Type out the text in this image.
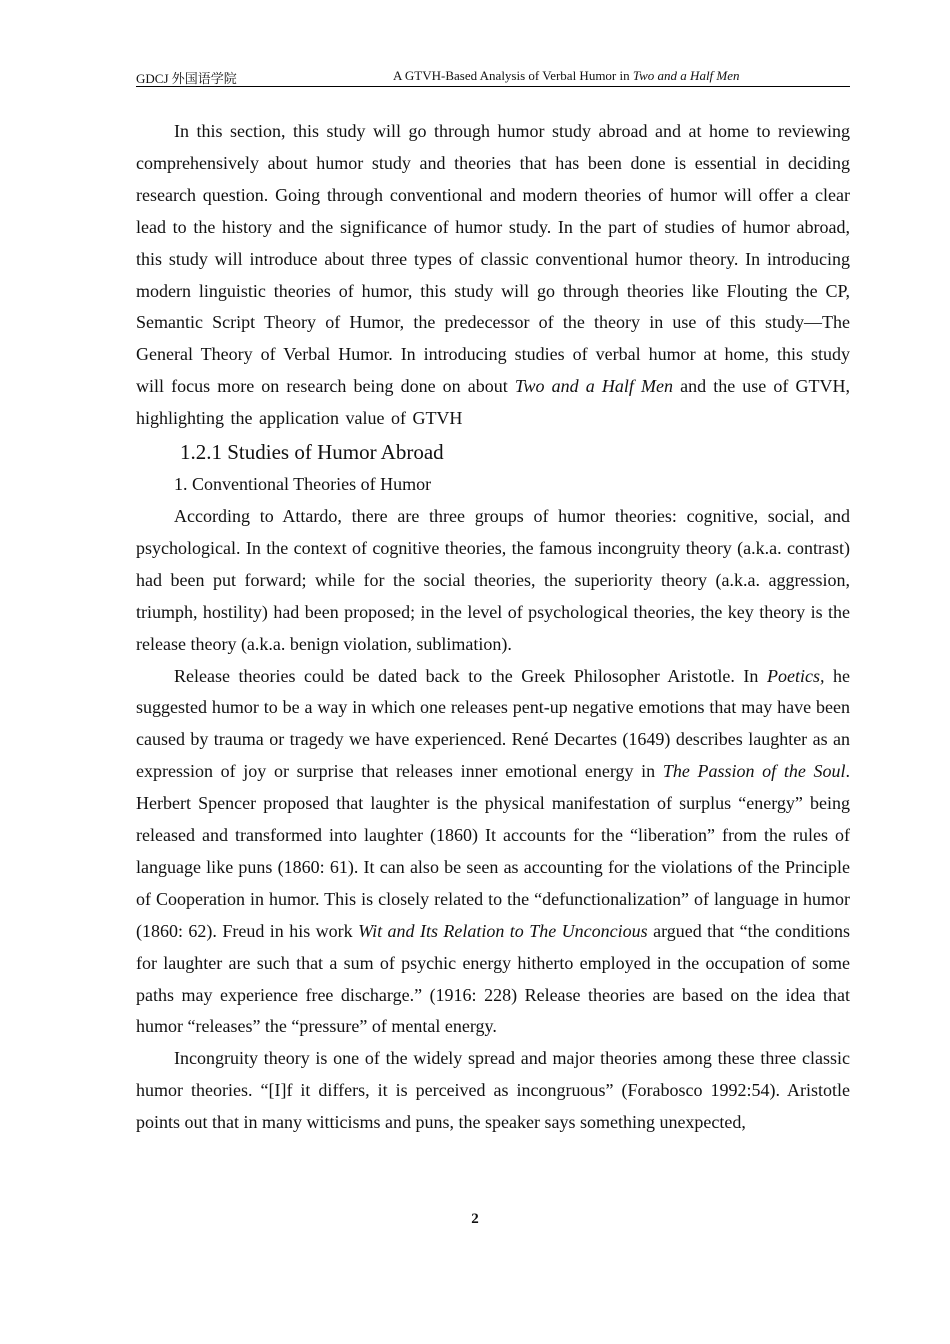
GDCJ 外国语学院	A GTVH-Based Analysis of Verbal Humor in Two and a Half Men

In this section, this study will go through humor study abroad and at home to reviewing comprehensively about humor study and theories that has been done is essential in deciding research question. Going through conventional and modern theories of humor will offer a clear lead to the history and the significance of humor study. In the part of studies of humor abroad, this study will introduce about three types of classic conventional humor theory. In introducing modern linguistic theories of humor, this study will go through theories like Flouting the CP, Semantic Script Theory of Humor, the predecessor of the theory in use of this study—The General Theory of Verbal Humor. In introducing studies of verbal humor at home, this study will focus more on research being done on about Two and a Half Men and the use of GTVH, highlighting the application value of GTVH

1.2.1 Studies of Humor Abroad
1. Conventional Theories of Humor

According to Attardo, there are three groups of humor theories: cognitive, social, and psychological. In the context of cognitive theories, the famous incongruity theory (a.k.a. contrast) had been put forward; while for the social theories, the superiority theory (a.k.a. aggression, triumph, hostility) had been proposed; in the level of psychological theories, the key theory is the release theory (a.k.a. benign violation, sublimation).

Release theories could be dated back to the Greek Philosopher Aristotle. In Poetics, he suggested humor to be a way in which one releases pent-up negative emotions that may have been caused by trauma or tragedy we have experienced. René Decartes (1649) describes laughter as an expression of joy or surprise that releases inner emotional energy in The Passion of the Soul. Herbert Spencer proposed that laughter is the physical manifestation of surplus “energy” being released and transformed into laughter (1860) It accounts for the “liberation” from the rules of language like puns (1860: 61). It can also be seen as accounting for the violations of the Principle of Cooperation in humor. This is closely related to the “defunctionalization” of language in humor (1860: 62). Freud in his work Wit and Its Relation to The Unconcious argued that “the conditions for laughter are such that a sum of psychic energy hitherto employed in the occupation of some paths may experience free discharge.” (1916: 228) Release theories are based on the idea that humor “releases” the “pressure” of mental energy.

Incongruity theory is one of the widely spread and major theories among these three classic humor theories. “[I]f it differs, it is perceived as incongruous” (Forabosco 1992:54). Aristotle points out that in many witticisms and puns, the speaker says something unexpected,

2
